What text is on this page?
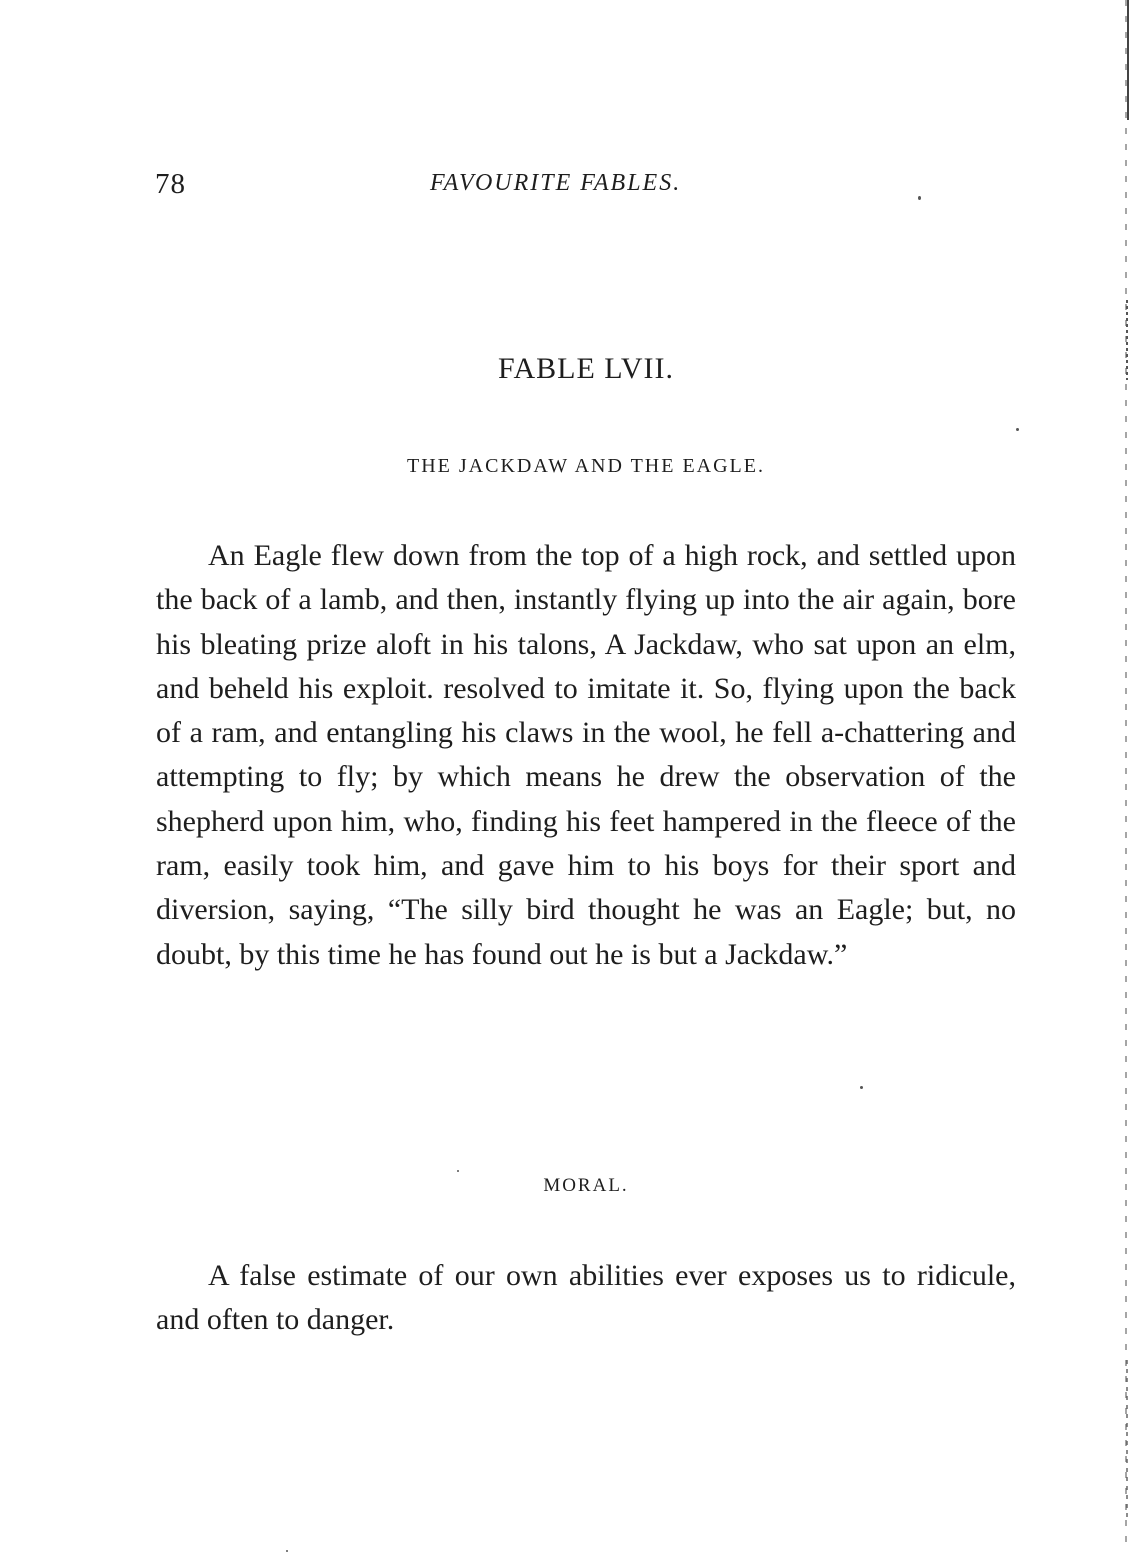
78	FAVOURITE FABLES.
FABLE LVII.
THE JACKDAW AND THE EAGLE.

An Eagle flew down from the top of a high rock, and settled upon the back of a lamb, and then, instantly flying up into the air again, bore his bleating prize aloft in his talons, A Jackdaw, who sat upon an elm, and beheld his exploit. resolved to imitate it. So, flying upon the back of a ram, and entangling his claws in the wool, he fell a-chattering and attempting to fly; by which means he drew the observation of the shepherd upon him, who, finding his feet hampered in the fleece of the ram, easily took him, and gave him to his boys for their sport and diversion, saying, “The silly bird thought he was an Eagle; but, no doubt, by this time he has found out he is but a Jackdaw.”

MORAL.

A false estimate of our own abilities ever exposes us to ridicule, and often to danger.
